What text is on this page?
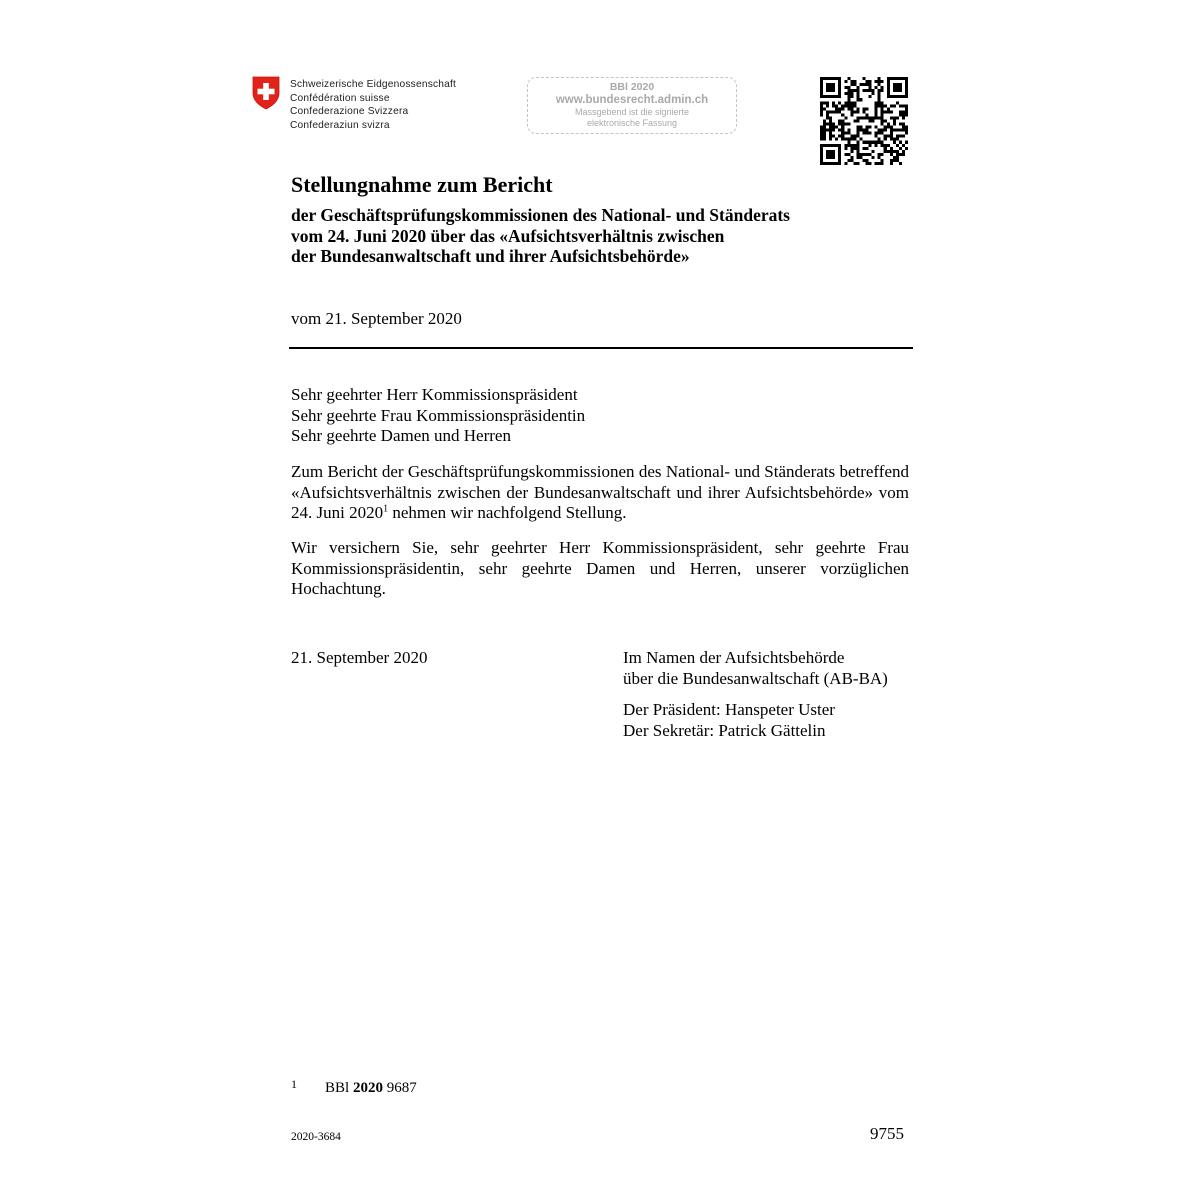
Schweizerische Eidgenossenschaft
Confédération suisse
Confederazione Svizzera
Confederaziun svizra
BBl 2020
www.bundesrecht.admin.ch
Massgebend ist die signierte
elektronische Fassung
Stellungnahme zum Bericht
der Geschäftsprüfungskommissionen des National- und Ständerats
vom 24. Juni 2020 über das «Aufsichtsverhältnis zwischen
der Bundesanwaltschaft und ihrer Aufsichtsbehörde»
vom 21. September 2020
Sehr geehrter Herr Kommissionspräsident
Sehr geehrte Frau Kommissionspräsidentin
Sehr geehrte Damen und Herren
Zum Bericht der Geschäftsprüfungskommissionen des National- und Ständerats betreffend «Aufsichtsverhältnis zwischen der Bundesanwaltschaft und ihrer Aufsichtsbehörde» vom 24. Juni 2020$^1$ nehmen wir nachfolgend Stellung.
Wir versichern Sie, sehr geehrter Herr Kommissionspräsident, sehr geehrte Frau Kommissionspräsidentin, sehr geehrte Damen und Herren, unserer vorzüglichen Hochachtung.
21. September 2020	Im Namen der Aufsichtsbehörde
über die Bundesanwaltschaft (AB-BA)
Der Präsident: Hanspeter Uster
Der Sekretär: Patrick Gättelin
1 BBl 2020 9687
2020-3684	9755
